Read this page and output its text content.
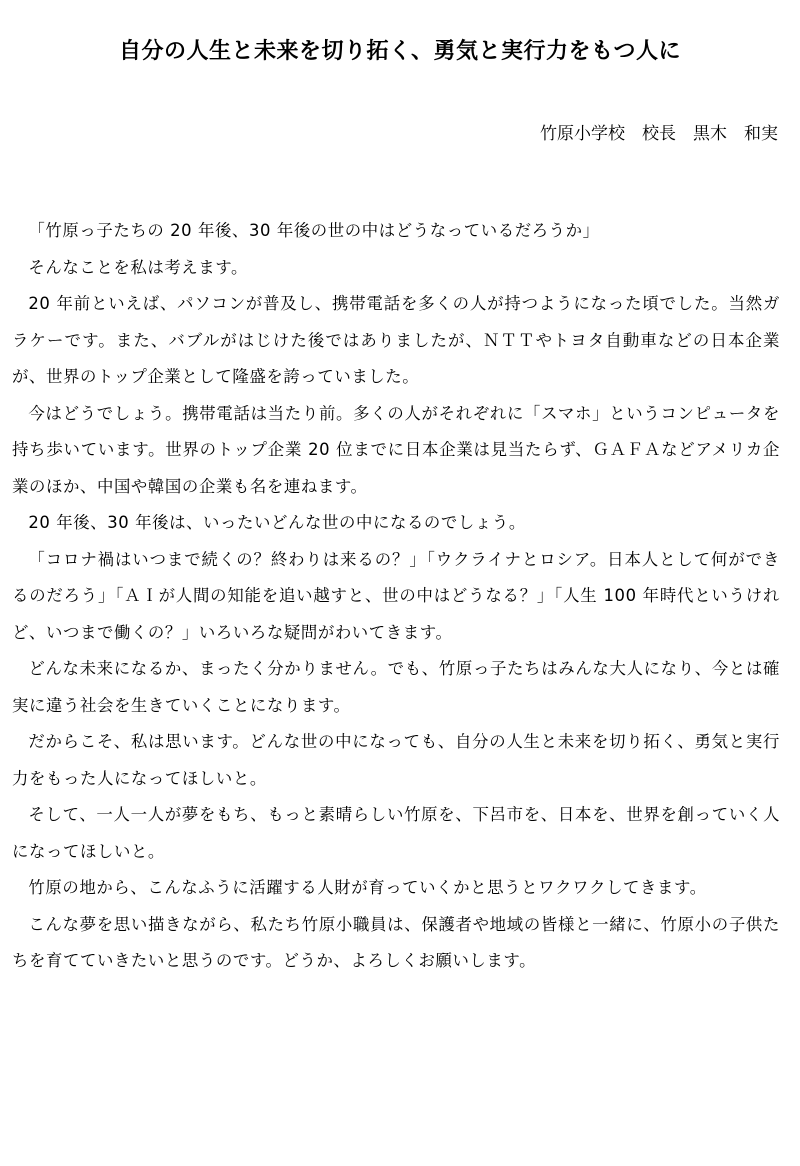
自分の人生と未来を切り拓く、勇気と実行力をもつ人に
竹原小学校　校長　黒木　和実

「竹原っ子たちの 20 年後、30 年後の世の中はどうなっているだろうか」

そんなことを私は考えます。

20 年前といえば、パソコンが普及し、携帯電話を多くの人が持つようになった頃でした。当然ガラケーです。また、バブルがはじけた後ではありましたが、ＮＴＴやトヨタ自動車などの日本企業が、世界のトップ企業として隆盛を誇っていました。

今はどうでしょう。携帯電話は当たり前。多くの人がそれぞれに「スマホ」というコンピュータを持ち歩いています。世界のトップ企業 20 位までに日本企業は見当たらず、ＧＡＦＡなどアメリカ企業のほか、中国や韓国の企業も名を連ねます。

20 年後、30 年後は、いったいどんな世の中になるのでしょう。

「コロナ禍はいつまで続くの？終わりは来るの？」「ウクライナとロシア。日本人として何ができるのだろう」「ＡＩが人間の知能を追い越すと、世の中はどうなる？」「人生 100 年時代というけれど、いつまで働くの？」いろいろな疑問がわいてきます。

どんな未来になるか、まったく分かりません。でも、竹原っ子たちはみんな大人になり、今とは確実に違う社会を生きていくことになります。

だからこそ、私は思います。どんな世の中になっても、自分の人生と未来を切り拓く、勇気と実行力をもった人になってほしいと。

そして、一人一人が夢をもち、もっと素晴らしい竹原を、下呂市を、日本を、世界を創っていく人になってほしいと。

竹原の地から、こんなふうに活躍する人財が育っていくかと思うとワクワクしてきます。

こんな夢を思い描きながら、私たち竹原小職員は、保護者や地域の皆様と一緒に、竹原小の子供たちを育てていきたいと思うのです。どうか、よろしくお願いします。
